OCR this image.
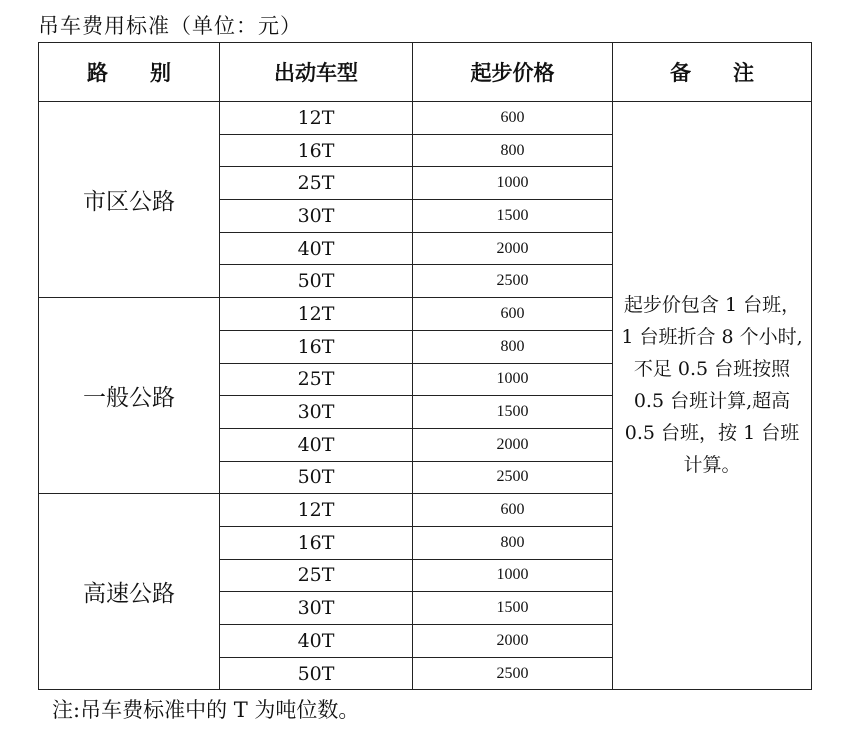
吊车费用标准（单位：元）
路　　别	出动车型	起步价格	备　　注
市区公路	12T	600	起步价包含 1 台班，1 台班折合 8 个小时,不足 0.5 台班按照 0.5 台班计算,超高 0.5 台班，按 1 台班计算。
	16T	800	
	25T	1000	
	30T	1500	
	40T	2000	
	50T	2500	
一般公路	12T	600	
	16T	800	
	25T	1000	
	30T	1500	
	40T	2000	
	50T	2500	
高速公路	12T	600	
	16T	800	
	25T	1000	
	30T	1500	
	40T	2000	
	50T	2500	
注:吊车费标准中的 T 为吨位数。
